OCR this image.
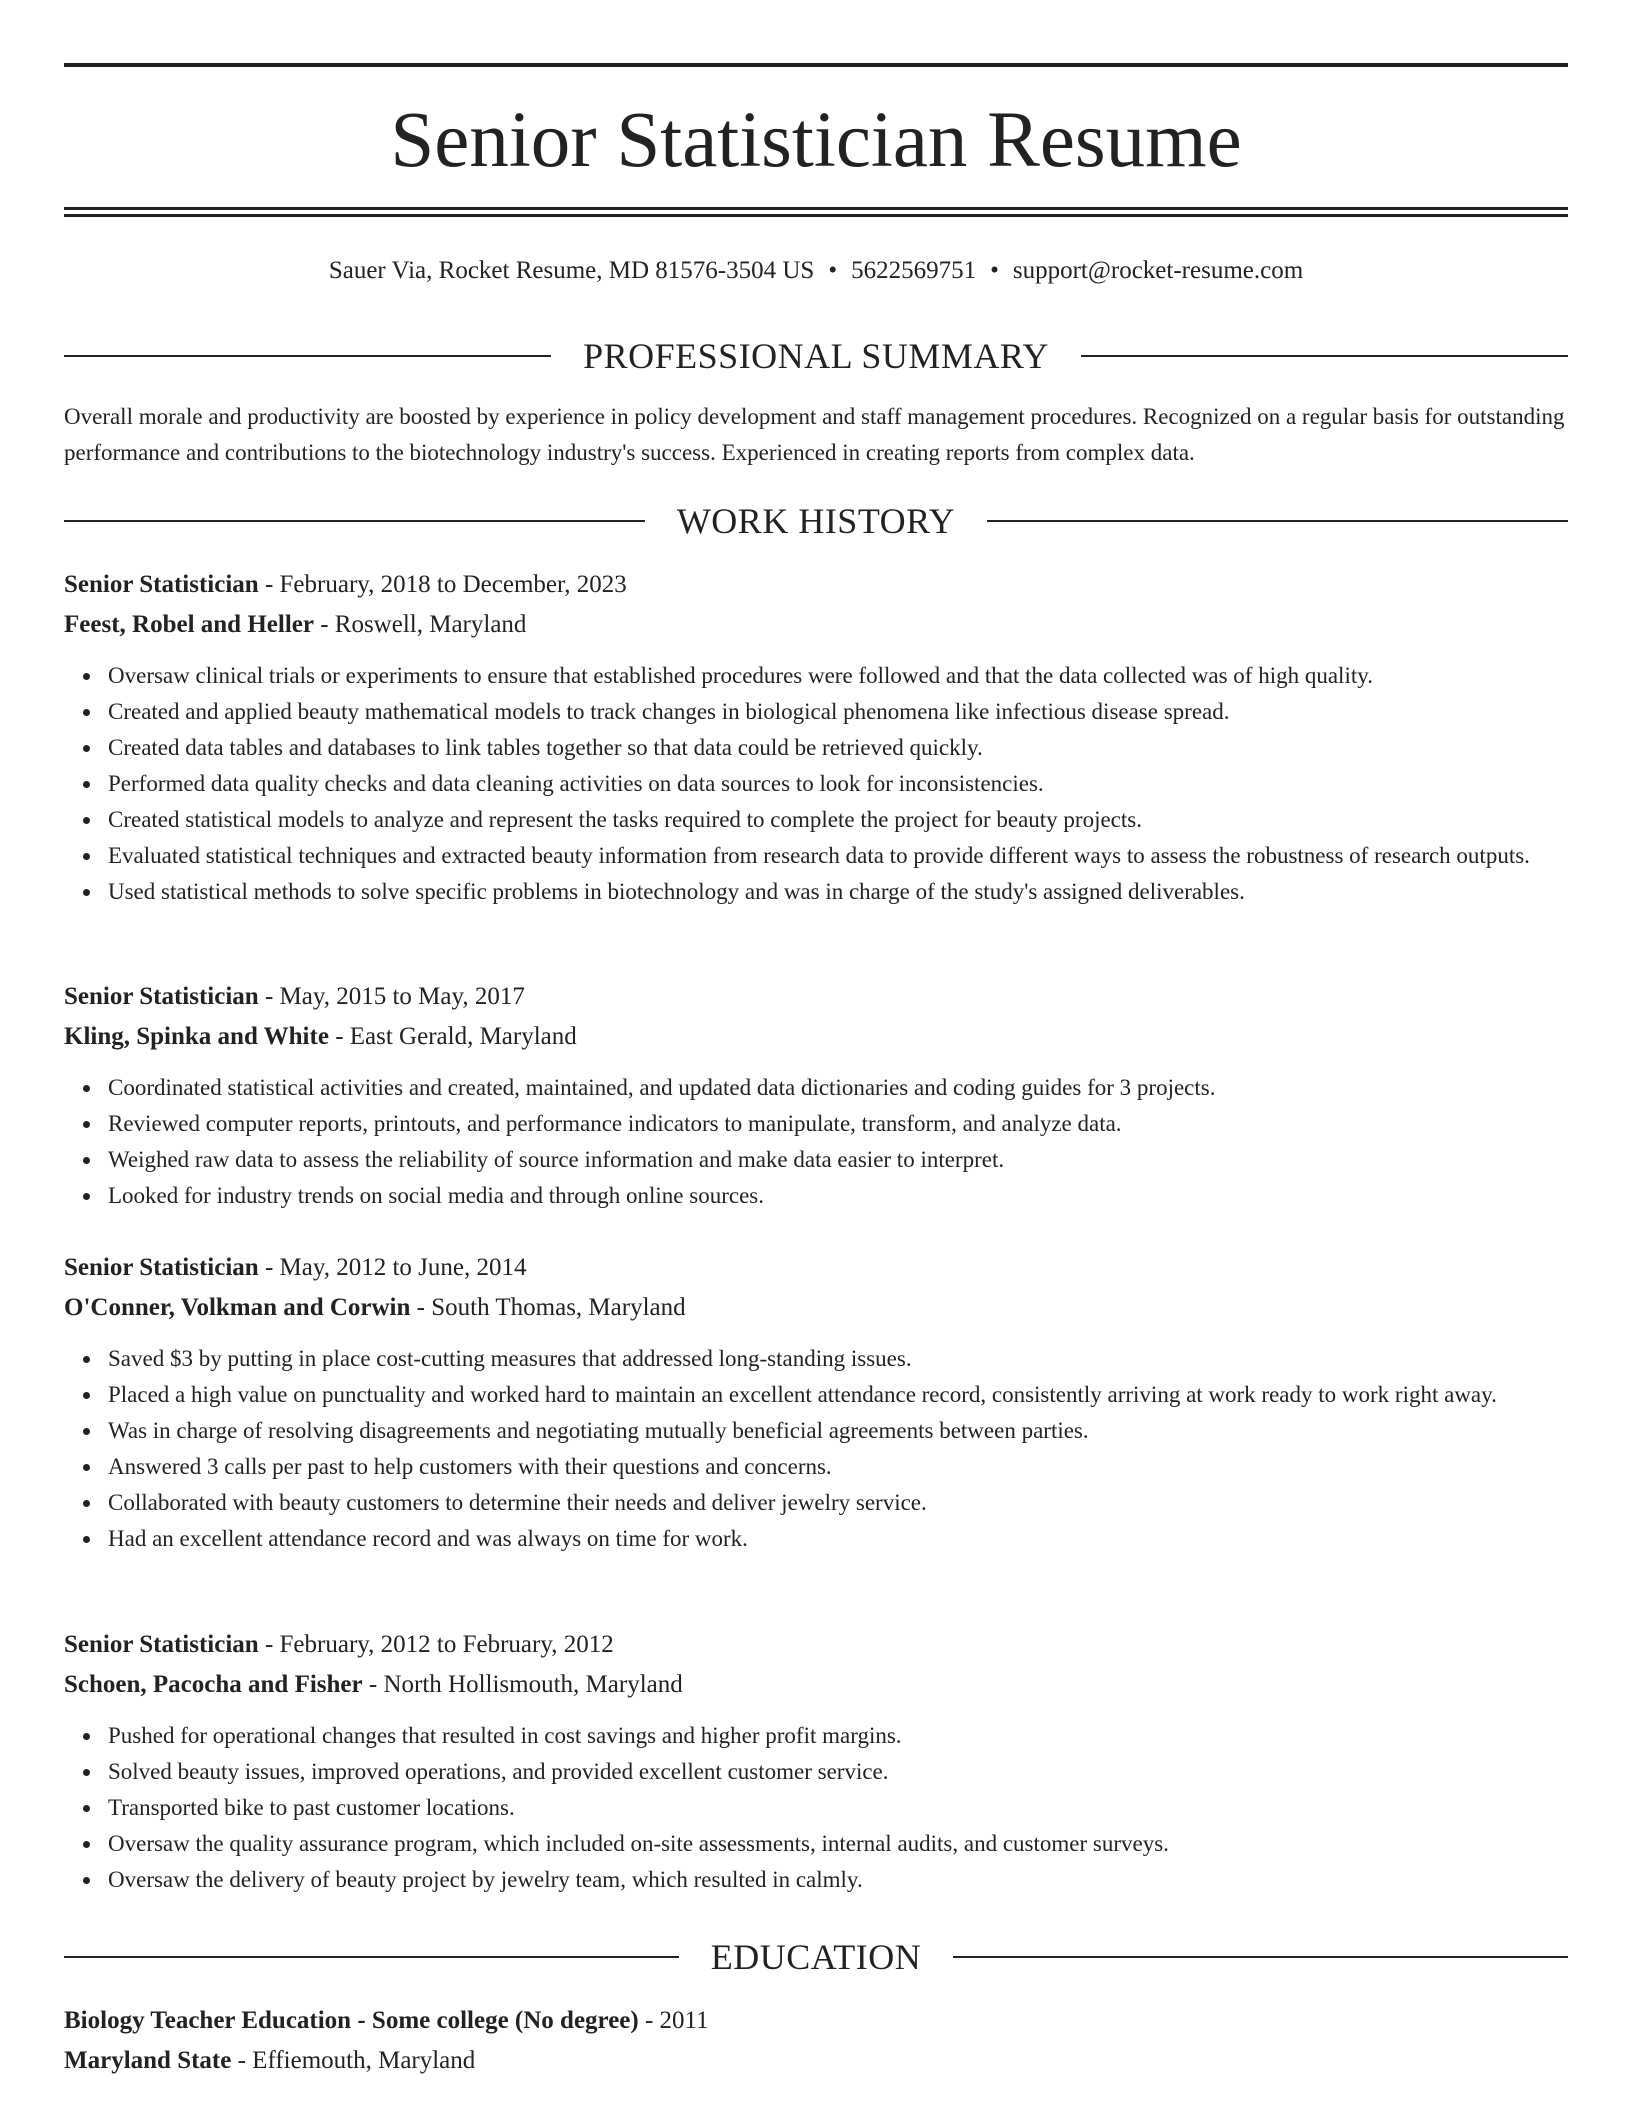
Senior Statistician Resume
Sauer Via, Rocket Resume, MD 81576-3504 US • 5622569751 • support@rocket-resume.com
PROFESSIONAL SUMMARY
Overall morale and productivity are boosted by experience in policy development and staff management procedures. Recognized on a regular basis for outstanding performance and contributions to the biotechnology industry's success. Experienced in creating reports from complex data.
WORK HISTORY
Senior Statistician - February, 2018 to December, 2023
Feest, Robel and Heller - Roswell, Maryland
Oversaw clinical trials or experiments to ensure that established procedures were followed and that the data collected was of high quality.
Created and applied beauty mathematical models to track changes in biological phenomena like infectious disease spread.
Created data tables and databases to link tables together so that data could be retrieved quickly.
Performed data quality checks and data cleaning activities on data sources to look for inconsistencies.
Created statistical models to analyze and represent the tasks required to complete the project for beauty projects.
Evaluated statistical techniques and extracted beauty information from research data to provide different ways to assess the robustness of research outputs.
Used statistical methods to solve specific problems in biotechnology and was in charge of the study's assigned deliverables.
Senior Statistician - May, 2015 to May, 2017
Kling, Spinka and White - East Gerald, Maryland
Coordinated statistical activities and created, maintained, and updated data dictionaries and coding guides for 3 projects.
Reviewed computer reports, printouts, and performance indicators to manipulate, transform, and analyze data.
Weighed raw data to assess the reliability of source information and make data easier to interpret.
Looked for industry trends on social media and through online sources.
Senior Statistician - May, 2012 to June, 2014
O'Conner, Volkman and Corwin - South Thomas, Maryland
Saved $3 by putting in place cost-cutting measures that addressed long-standing issues.
Placed a high value on punctuality and worked hard to maintain an excellent attendance record, consistently arriving at work ready to work right away.
Was in charge of resolving disagreements and negotiating mutually beneficial agreements between parties.
Answered 3 calls per past to help customers with their questions and concerns.
Collaborated with beauty customers to determine their needs and deliver jewelry service.
Had an excellent attendance record and was always on time for work.
Senior Statistician - February, 2012 to February, 2012
Schoen, Pacocha and Fisher - North Hollismouth, Maryland
Pushed for operational changes that resulted in cost savings and higher profit margins.
Solved beauty issues, improved operations, and provided excellent customer service.
Transported bike to past customer locations.
Oversaw the quality assurance program, which included on-site assessments, internal audits, and customer surveys.
Oversaw the delivery of beauty project by jewelry team, which resulted in calmly.
EDUCATION
Biology Teacher Education - Some college (No degree) - 2011
Maryland State - Effiemouth, Maryland
